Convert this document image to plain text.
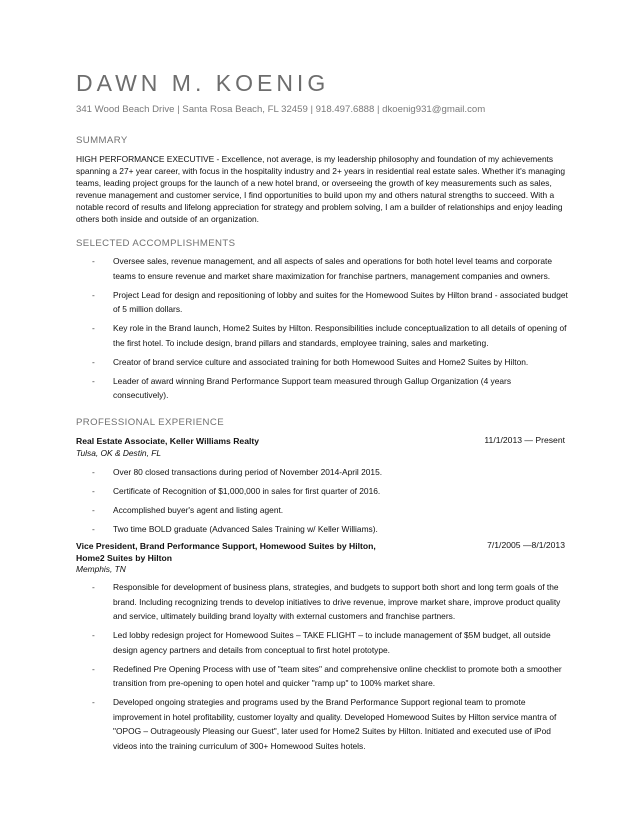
DAWN M. KOENIG
341 Wood Beach Drive | Santa Rosa Beach, FL 32459 | 918.497.6888 | dkoenig931@gmail.com
SUMMARY
HIGH PERFORMANCE EXECUTIVE - Excellence, not average, is my leadership philosophy and foundation of my achievements spanning a 27+ year career, with focus in the hospitality industry and 2+ years in residential real estate sales. Whether it's managing teams, leading project groups for the launch of a new hotel brand, or overseeing the growth of key measurements such as sales, revenue management and customer service, I find opportunities to build upon my and others natural strengths to succeed. With a notable record of results and lifelong appreciation for strategy and problem solving, I am a builder of relationships and enjoy leading others both inside and outside of an organization.
SELECTED ACCOMPLISHMENTS
- Oversee sales, revenue management, and all aspects of sales and operations for both hotel level teams and corporate teams to ensure revenue and market share maximization for franchise partners, management companies and owners.
- Project Lead for design and repositioning of lobby and suites for the Homewood Suites by Hilton brand - associated budget of 5 million dollars.
- Key role in the Brand launch, Home2 Suites by Hilton. Responsibilities include conceptualization to all details of opening of the first hotel. To include design, brand pillars and standards, employee training, sales and marketing.
- Creator of brand service culture and associated training for both Homewood Suites and Home2 Suites by Hilton.
- Leader of award winning Brand Performance Support team measured through Gallup Organization (4 years consecutively).
PROFESSIONAL EXPERIENCE
Real Estate Associate, Keller Williams Realty	11/1/2013 — Present
Tulsa, OK & Destin, FL
- Over 80 closed transactions during period of November 2014-April 2015.
- Certificate of Recognition of $1,000,000 in sales for first quarter of 2016.
- Accomplished buyer's agent and listing agent.
- Two time BOLD graduate (Advanced Sales Training w/ Keller Williams).
Vice President, Brand Performance Support, Homewood Suites by Hilton,
Home2 Suites by Hilton
7/1/2005 —8/1/2013
Memphis, TN
- Responsible for development of business plans, strategies, and budgets to support both short and long term goals of the brand. Including recognizing trends to develop initiatives to drive revenue, improve market share, improve product quality and service, ultimately building brand loyalty with external customers and franchise partners.
- Led lobby redesign project for Homewood Suites – TAKE FLIGHT – to include management of $5M budget, all outside design agency partners and details from conceptual to first hotel prototype.
- Redefined Pre Opening Process with use of "team sites" and comprehensive online checklist to promote both a smoother transition from pre-opening to open hotel and quicker "ramp up" to 100% market share.
- Developed ongoing strategies and programs used by the Brand Performance Support regional team to promote improvement in hotel profitability, customer loyalty and quality. Developed Homewood Suites by Hilton service mantra of "OPOG – Outrageously Pleasing our Guest", later used for Home2 Suites by Hilton. Initiated and executed use of iPod videos into the training curriculum of 300+ Homewood Suites hotels.
